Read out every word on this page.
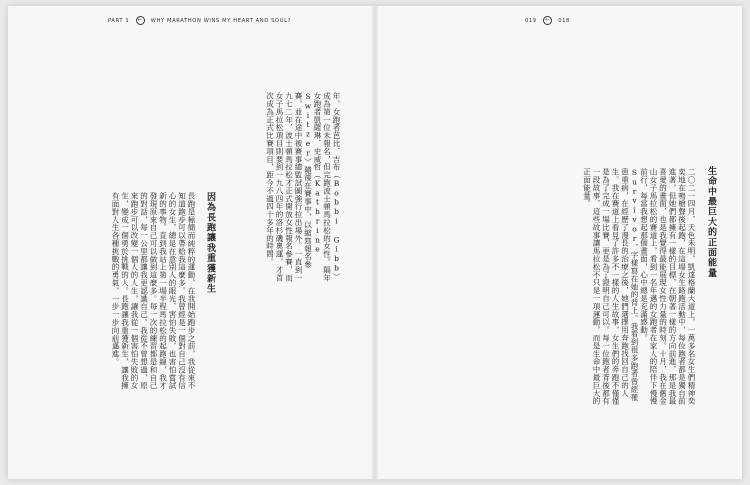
PART 1 ← WHY MARATHON WINS MY HEART AND SOUL?
年，女跑者芭比．吉布（Bobbi Gibb）成為第一位未報名，但完跑波士頓馬拉松的女性。隔年女跑者凱薩琳．史威哲（Kathrine Switzer）隨後在賽事中，以縮寫報名參賽，並在途中被賽事總監試圖強行拉出場外。一直到一九七二年，波士頓馬拉松才正式開放女性報名參賽，而女子馬拉松項目則要到一九八四年的洛杉磯奧運，才首次成為正式比賽項目，距今不過四十多年的時間。
因為長跑讓我重獲新生
長跑是極簡而純粹的運動，在我開始跑步之前，我從來不知道跑步可以帶給我這麼多。我曾經是一個對自己沒有信心的女生，總是在意別人的眼光，害怕失敗，也害怕嘗試新的事物。直到我站上第一場半程馬拉松的起跑線，我才發現原來自己可以做到這麼多。每一次的練習都是和自己的對話，每一公里都讓我更認識自己。我從不曾想過，原來跑步可以改變一個人的人生，讓我從一個害怕失敗的女生，變成一個勇於挑戰的人。長跑讓我重獲新生，讓我擁有面對人生各種挑戰的勇氣，一步一步向前邁進。
019 ← 018
生命中最巨大的正面能量
二〇二一四月，天色未明，凱達格蘭大道上，一萬多名女生們精神奕奕地在鳴槍聲後起跑，在這場女生路跑活動中，每位跑者都是獨自前進著，但她們都擁有一樣的目標，在朝著一樣的方向前進，那是我最喜愛的畫面，也是我覺得最能展現女性力量的時刻。十月，我在舊金山女子馬拉松的賽道上，看到一名年邁的女跑者在家人的陪伴下慢慢前行，每當我想起那個畫面，心中總是充滿感動。Survivor，字樣寫在她的背上。我看到很多跑者曾經罹患重病，在經歷了漫長的治療之後，她們選擇用奔跑找回自己的人生。我在賽道上看見了許多不一樣的人生故事，女生們的奔跑不僅僅是為了完成一場比賽，更是為了證明自己可以。每一位跑者背後都有一段故事，這些故事讓馬拉松不只是一項運動，而是生命中最巨大的正面能量。
